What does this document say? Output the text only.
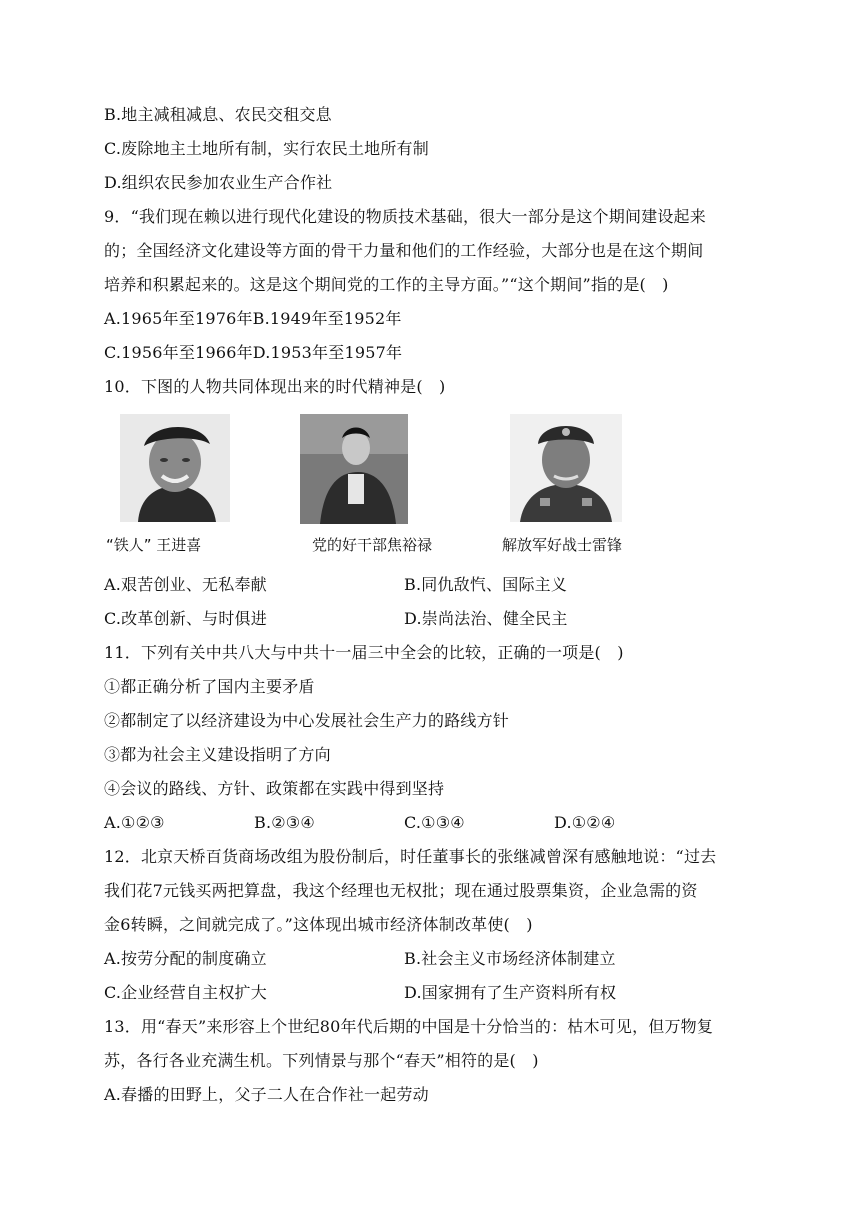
B.地主减租减息、农民交租交息
C.废除地主土地所有制，实行农民土地所有制
D.组织农民参加农业生产合作社
9．“我们现在赖以进行现代化建设的物质技术基础，很大一部分是这个期间建设起来
的；全国经济文化建设等方面的骨干力量和他们的工作经验，大部分也是在这个期间
培养和积累起来的。这是这个期间党的工作的主导方面。”“这个期间”指的是(　)
A.1965年至1976年B.1949年至1952年
C.1956年至1966年D.1953年至1957年
10．下图的人物共同体现出来的时代精神是(　)
“铁人” 王进喜	党的好干部焦裕禄	解放军好战士雷锋
A.艰苦创业、无私奉献	B.同仇敌忾、国际主义
C.改革创新、与时俱进	D.崇尚法治、健全民主
11．下列有关中共八大与中共十一届三中全会的比较，正确的一项是(　)
①都正确分析了国内主要矛盾
②都制定了以经济建设为中心发展社会生产力的路线方针
③都为社会主义建设指明了方向
④会议的路线、方针、政策都在实践中得到坚持
A.①②③	B.②③④	C.①③④	D.①②④
12．北京天桥百货商场改组为股份制后，时任董事长的张继减曾深有感触地说：“过去
我们花7元钱买两把算盘，我这个经理也无权批；现在通过股票集资，企业急需的资
金6转瞬，之间就完成了。”这体现出城市经济体制改革使(　)
A.按劳分配的制度确立	B.社会主义市场经济体制建立
C.企业经营自主权扩大	D.国家拥有了生产资料所有权
13．用“春天”来形容上个世纪80年代后期的中国是十分恰当的：枯木可见，但万物复
苏，各行各业充满生机。下列情景与那个“春天”相符的是(　)
A.春播的田野上，父子二人在合作社一起劳动
